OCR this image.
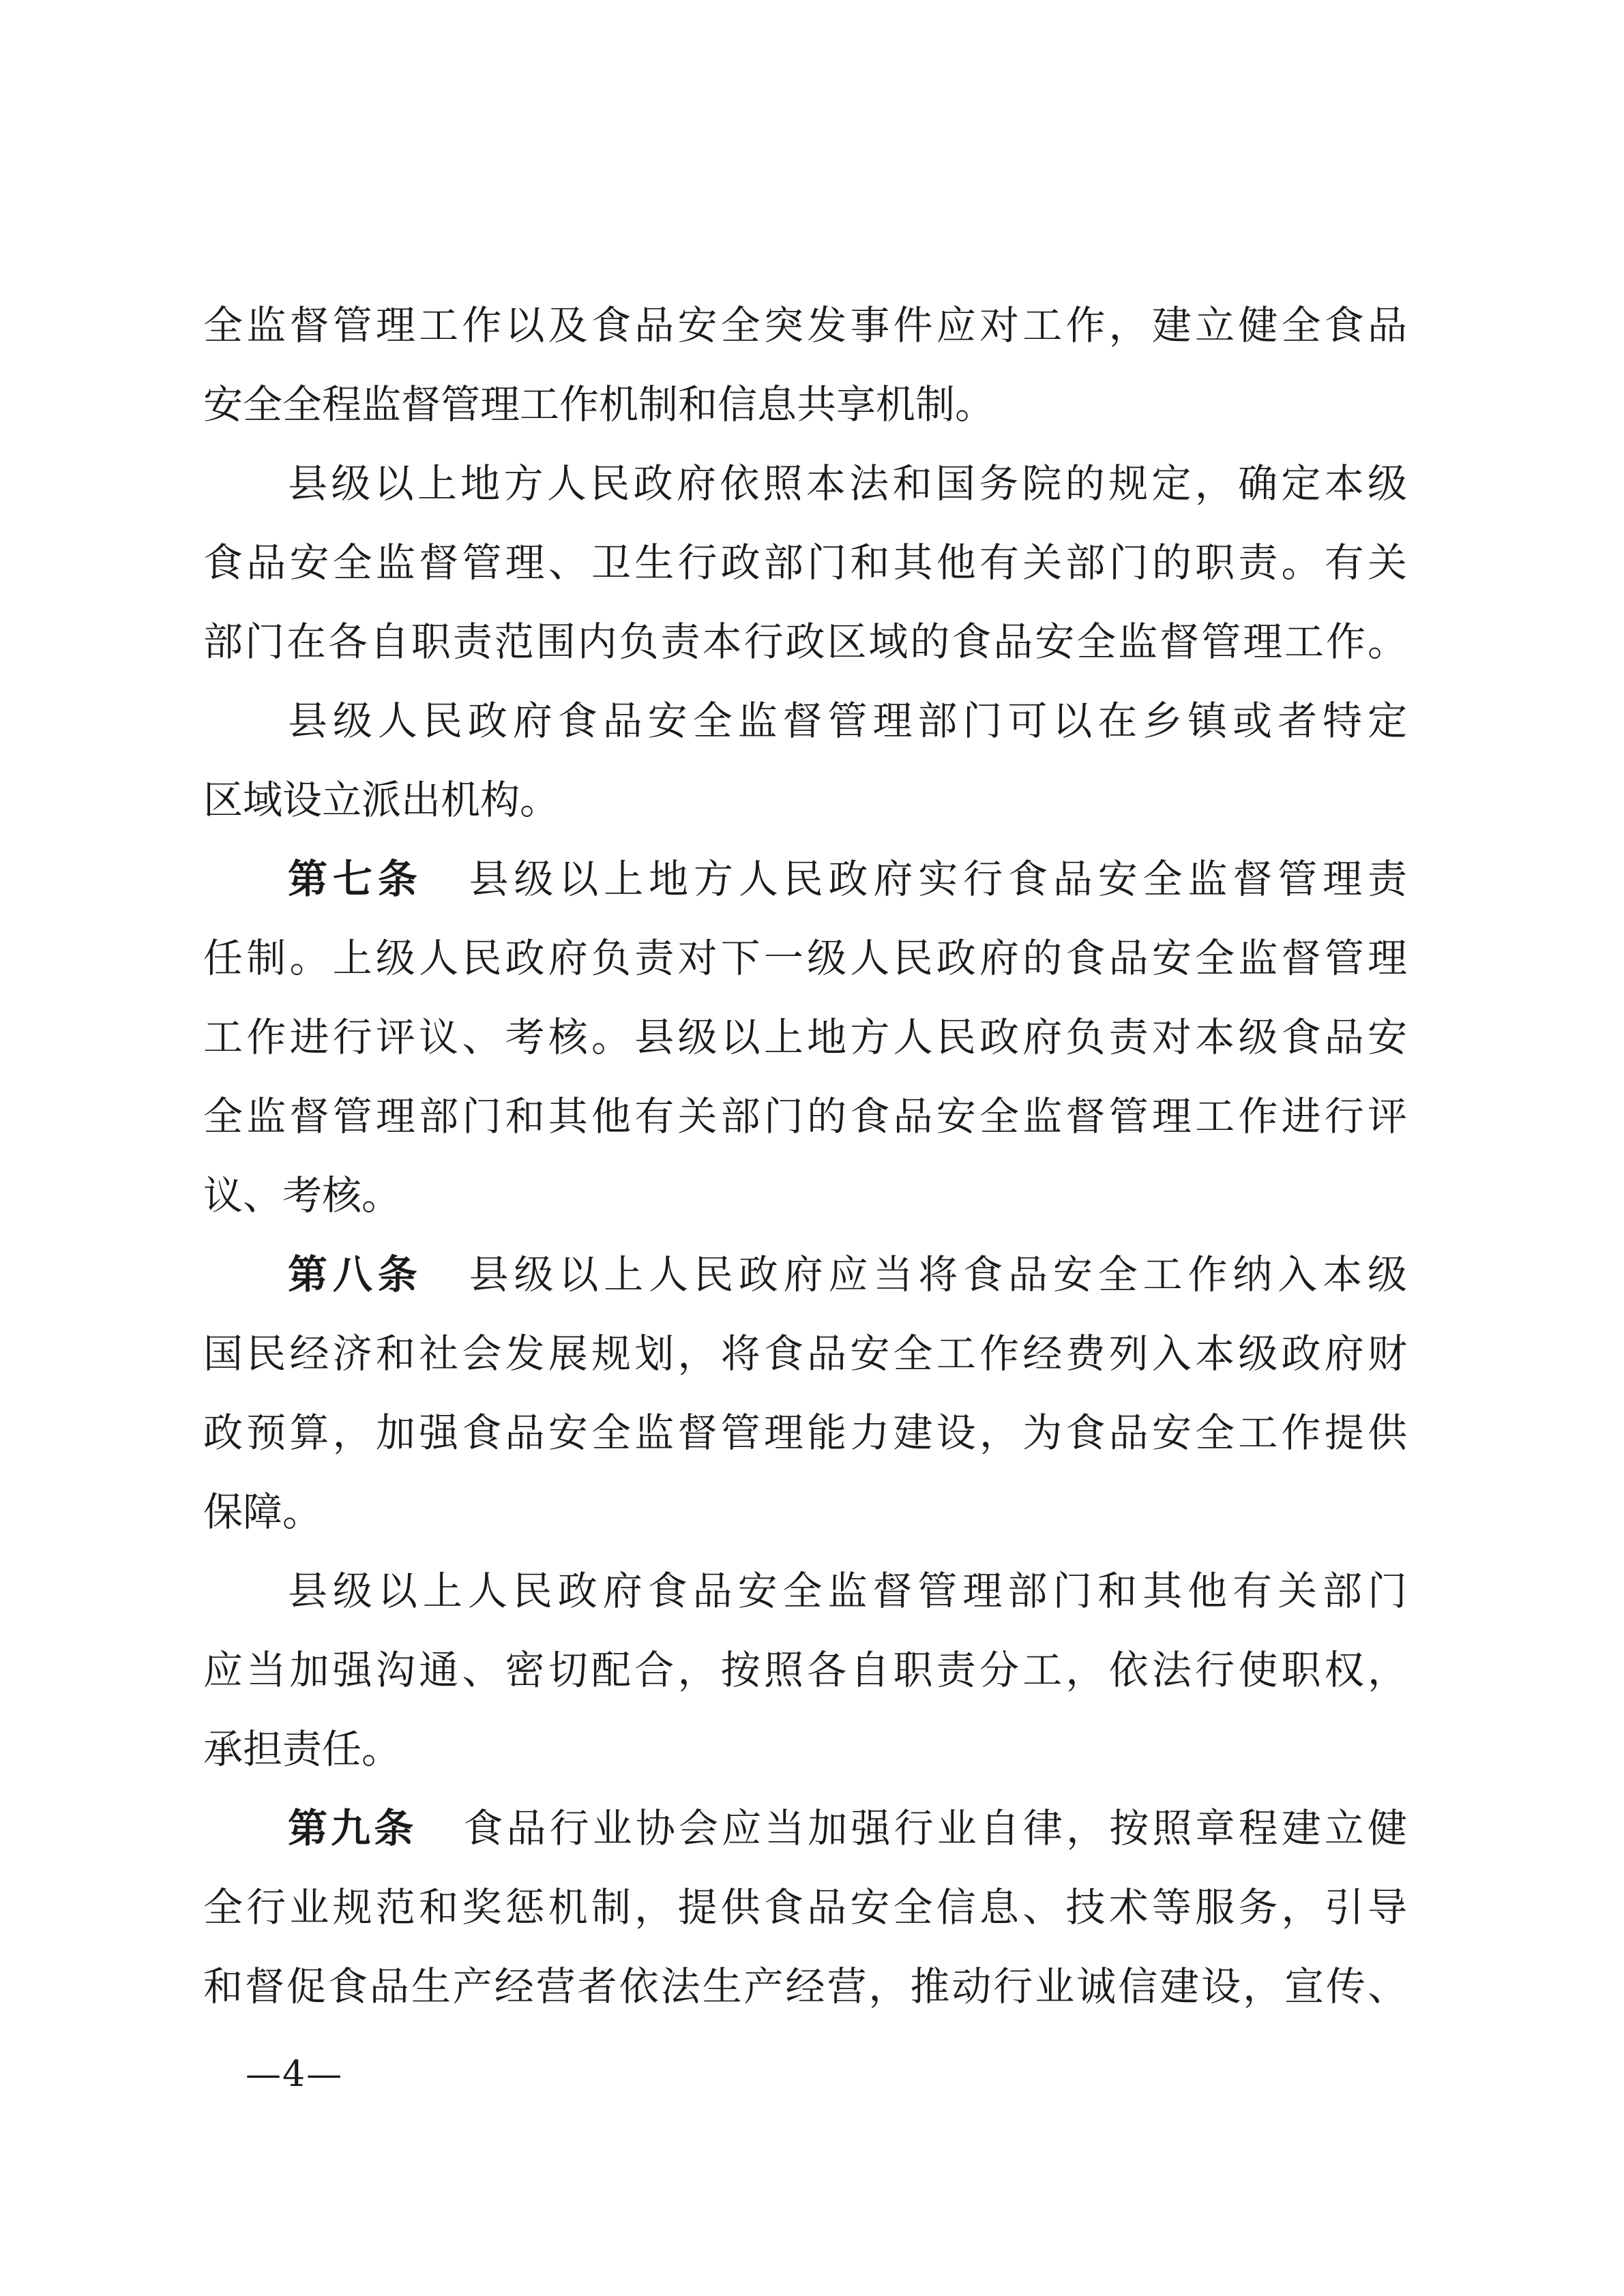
全监督管理工作以及食品安全突发事件应对工作，建立健全食品
安全全程监督管理工作机制和信息共享机制。
县级以上地方人民政府依照本法和国务院的规定，确定本级
食品安全监督管理、卫生行政部门和其他有关部门的职责。有关
部门在各自职责范围内负责本行政区域的食品安全监督管理工作。
县级人民政府食品安全监督管理部门可以在乡镇或者特定
区域设立派出机构。
第七条 县级以上地方人民政府实行食品安全监督管理责
任制。上级人民政府负责对下一级人民政府的食品安全监督管理
工作进行评议、考核。县级以上地方人民政府负责对本级食品安
全监督管理部门和其他有关部门的食品安全监督管理工作进行评
议、考核。
第八条 县级以上人民政府应当将食品安全工作纳入本级
国民经济和社会发展规划，将食品安全工作经费列入本级政府财
政预算，加强食品安全监督管理能力建设，为食品安全工作提供
保障。
县级以上人民政府食品安全监督管理部门和其他有关部门
应当加强沟通、密切配合，按照各自职责分工，依法行使职权，
承担责任。
第九条 食品行业协会应当加强行业自律，按照章程建立健
全行业规范和奖惩机制，提供食品安全信息、技术等服务，引导
和督促食品生产经营者依法生产经营，推动行业诚信建设，宣传、
—4—
